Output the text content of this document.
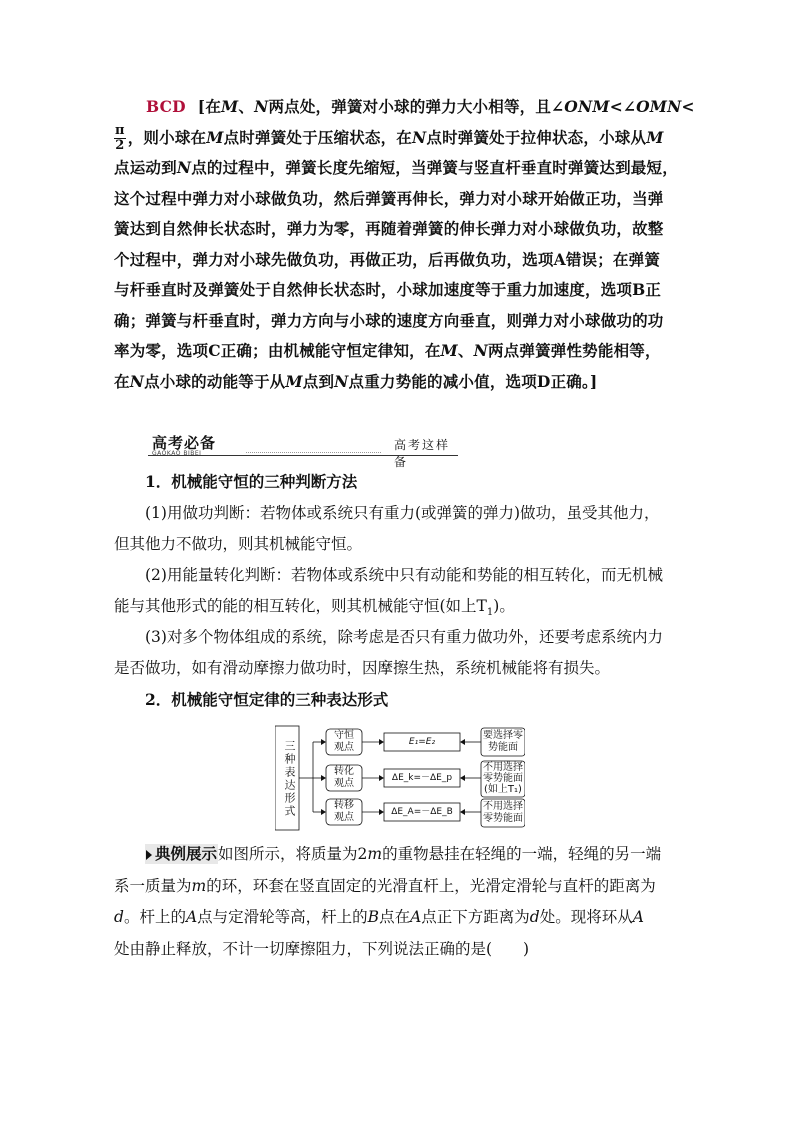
BCD [在M、N两点处，弹簧对小球的弹力大小相等，且∠ONM<∠OMN<
$\frac{\pi}{2}$ ，则小球在M点时弹簧处于压缩状态，在N点时弹簧处于拉伸状态，小球从M
点运动到N点的过程中，弹簧长度先缩短，当弹簧与竖直杆垂直时弹簧达到最短，
这个过程中弹力对小球做负功，然后弹簧再伸长，弹力对小球开始做正功，当弹
簧达到自然伸长状态时，弹力为零，再随着弹簧的伸长弹力对小球做负功，故整
个过程中，弹力对小球先做负功，再做正功，后再做负功，选项A错误；在弹簧
与杆垂直时及弹簧处于自然伸长状态时，小球加速度等于重力加速度，选项B正
确；弹簧与杆垂直时，弹力方向与小球的速度方向垂直，则弹力对小球做功的功
率为零，选项C正确；由机械能守恒定律知，在M、N两点弹簧弹性势能相等，
在N点小球的动能等于从M点到N点重力势能的减小值，选项D正确。]
高考必备
GAOKAO BIBEI
高考这样备
1．机械能守恒的三种判断方法
(1)用做功判断：若物体或系统只有重力(或弹簧的弹力)做功，虽受其他力，
但其他力不做功，则其机械能守恒。
(2)用能量转化判断：若物体或系统中只有动能和势能的相互转化，而无机械
能与其他形式的能的相互转化，则其机械能守恒(如上$T_1$)。
(3)对多个物体组成的系统，除考虑是否只有重力做功外，还要考虑系统内力
是否做功，如有滑动摩擦力做功时，因摩擦生热，系统机械能将有损失。
2．机械能守恒定律的三种表达形式
三种表达形式
守恒
观点
转化
观点
转移
观点
E₁=E₂
ΔE_k=－ΔE_p
ΔE_A=－ΔE_B
要选择零
势能面
不用选择
零势能面
(如上T₁)
不用选择
零势能面
典例展示如图所示，将质量为2m的重物悬挂在轻绳的一端，轻绳的另一端
系一质量为m的环，环套在竖直固定的光滑直杆上，光滑定滑轮与直杆的距离为
d。杆上的A点与定滑轮等高，杆上的B点在A点正下方距离为d处。现将环从A
处由静止释放，不计一切摩擦阻力，下列说法正确的是(　　)
